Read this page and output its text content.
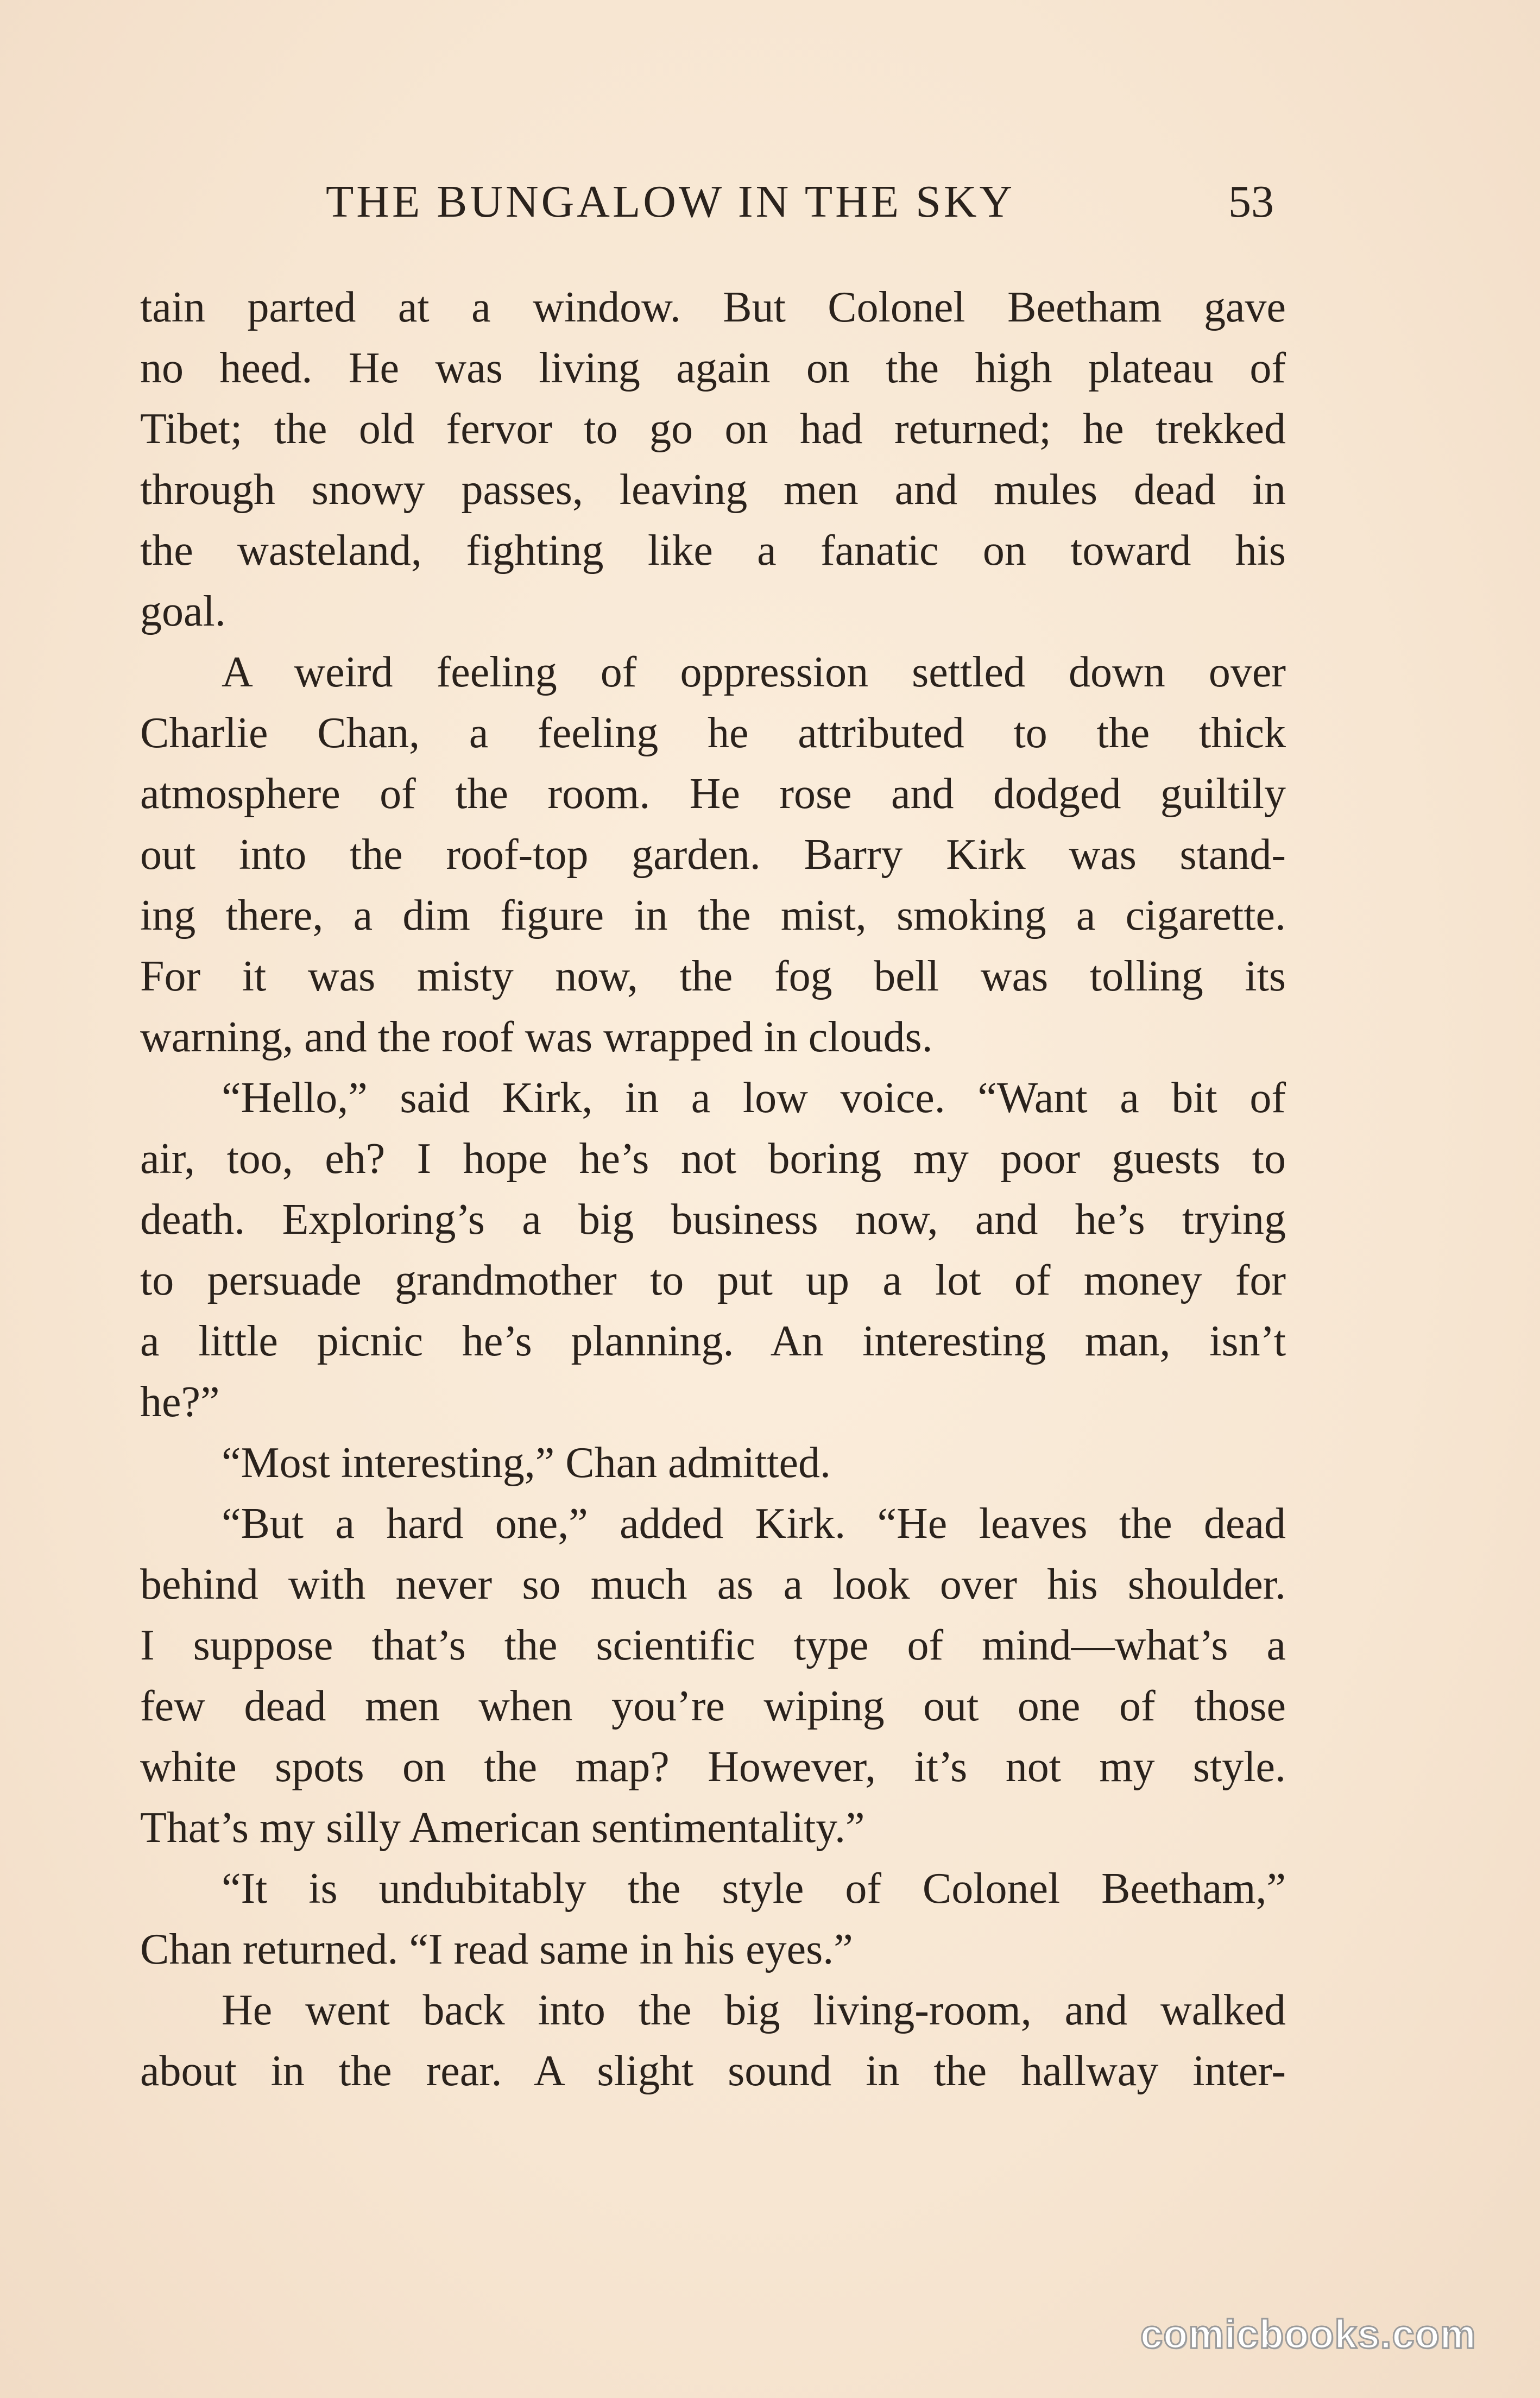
THE BUNGALOW IN THE SKY	53
tain parted at a window. But Colonel Beetham gave
no heed. He was living again on the high plateau of
Tibet; the old fervor to go on had returned; he trekked
through snowy passes, leaving men and mules dead in
the wasteland, fighting like a fanatic on toward his
goal.
A weird feeling of oppression settled down over
Charlie Chan, a feeling he attributed to the thick
atmosphere of the room. He rose and dodged guiltily
out into the roof-top garden. Barry Kirk was stand-
ing there, a dim figure in the mist, smoking a cigarette.
For it was misty now, the fog bell was tolling its
warning, and the roof was wrapped in clouds.
“Hello,” said Kirk, in a low voice. “Want a bit of
air, too, eh? I hope he’s not boring my poor guests to
death. Exploring’s a big business now, and he’s trying
to persuade grandmother to put up a lot of money for
a little picnic he’s planning. An interesting man, isn’t
he?”
“Most interesting,” Chan admitted.
“But a hard one,” added Kirk. “He leaves the dead
behind with never so much as a look over his shoulder.
I suppose that’s the scientific type of mind—what’s a
few dead men when you’re wiping out one of those
white spots on the map? However, it’s not my style.
That’s my silly American sentimentality.”
“It is undubitably the style of Colonel Beetham,”
Chan returned. “I read same in his eyes.”
He went back into the big living-room, and walked
about in the rear. A slight sound in the hallway inter-
comicbooks.com
